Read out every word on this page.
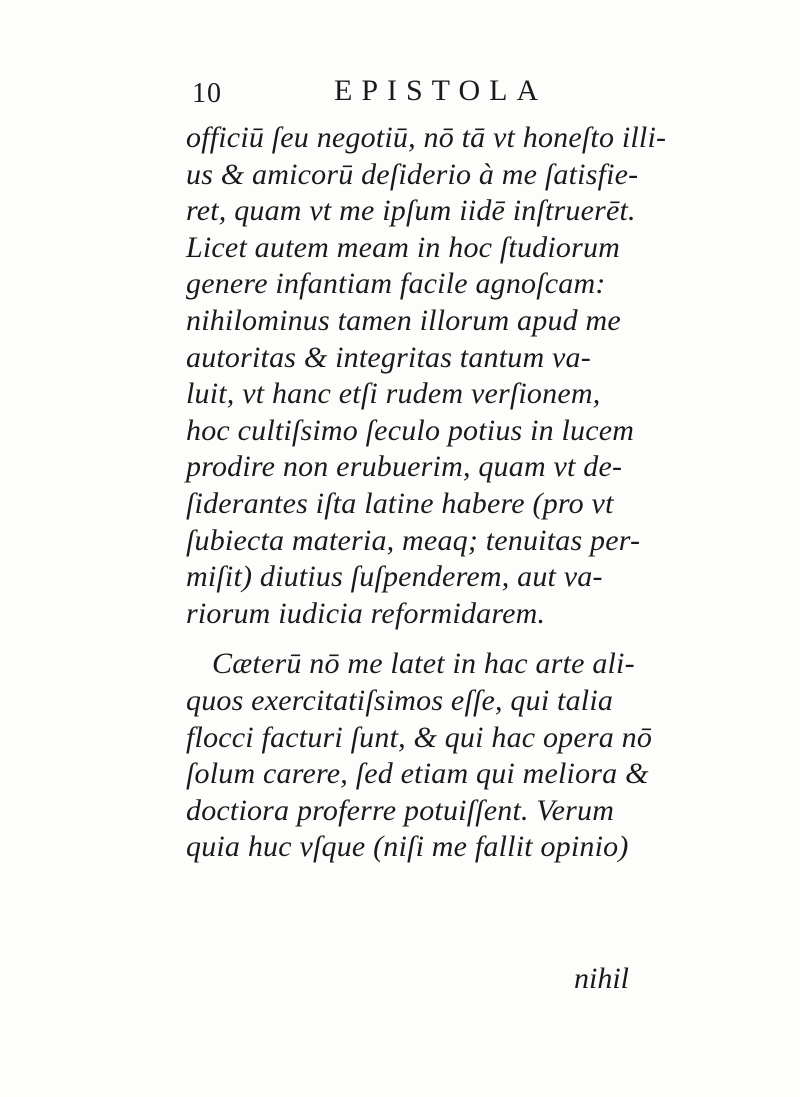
10	EPISTOLA
officiū ſeu negotiū, nō tā vt honeſto illi-
us & amicorū deſiderio à me ſatisfie-
ret, quam vt me ipſum iidē inſtruerēt.
Licet autem meam in hoc ſtudiorum
genere infantiam facile agnoſcam:
nihilominus tamen illorum apud me
autoritas & integritas tantum va-
luit, vt hanc etſi rudem verſionem,
hoc cultiſsimo ſeculo potius in lucem
prodire non erubuerim, quam vt de-
ſiderantes iſta latine habere (pro vt
ſubiecta materia, meaq; tenuitas per-
miſit) diutius ſuſpenderem, aut va-
riorum iudicia reformidarem.
Cæterū nō me latet in hac arte ali-
quos exercitatiſsimos eſſe, qui talia
flocci facturi ſunt, & qui hac opera nō
ſolum carere, ſed etiam qui meliora &
doctiora proferre potuiſſent. Verum
quia huc vſque (niſi me fallit opinio)
nihil
